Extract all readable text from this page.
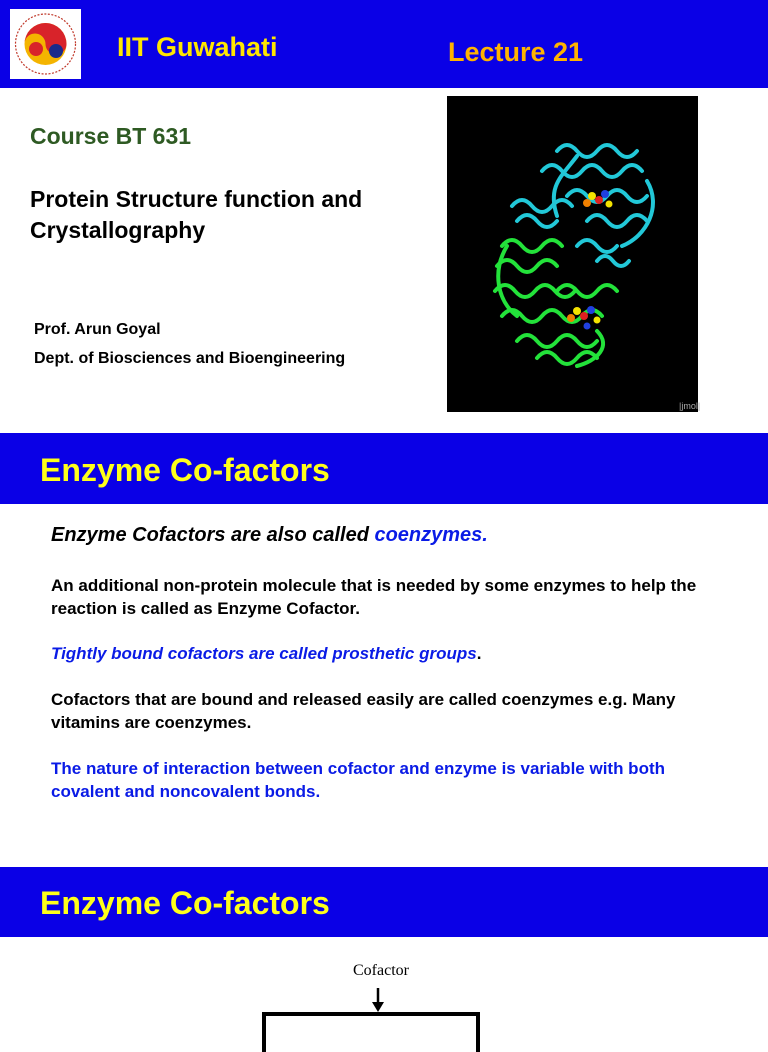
IIT Guwahati	Lecture 21
Course BT 631
Protein Structure function and Crystallography
Prof. Arun Goyal
Dept. of Biosciences and Bioengineering
|jmol|
Enzyme Co-factors
Enzyme Cofactors are also called coenzymes.
An additional non-protein molecule that is needed by some enzymes to help the reaction is called as Enzyme Cofactor.
Tightly bound cofactors are called prosthetic groups.
Cofactors that are bound and released easily are called coenzymes e.g. Many vitamins are coenzymes.
The nature of interaction between cofactor and enzyme is variable with both covalent and noncovalent bonds.
Enzyme Co-factors
Cofactor
